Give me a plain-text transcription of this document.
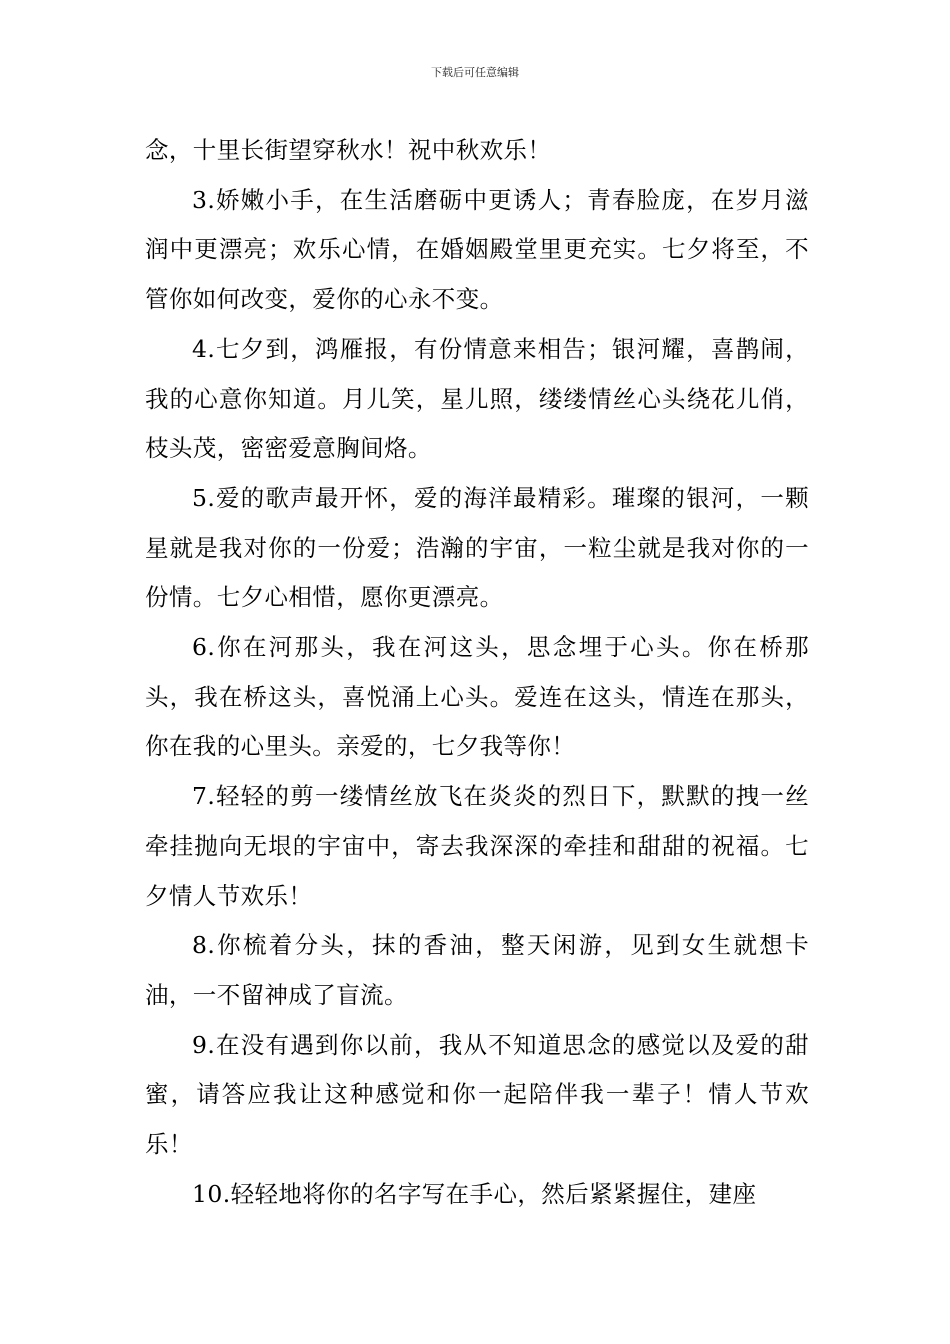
下载后可任意编辑

念，十里长街望穿秋水！祝中秋欢乐！

3.娇嫩小手，在生活磨砺中更诱人；青春脸庞，在岁月滋润中更漂亮；欢乐心情，在婚姻殿堂里更充实。七夕将至，不管你如何改变，爱你的心永不变。

4.七夕到，鸿雁报，有份情意来相告；银河耀，喜鹊闹，我的心意你知道。月儿笑，星儿照，缕缕情丝心头绕花儿俏，枝头茂，密密爱意胸间烙。

5.爱的歌声最开怀，爱的海洋最精彩。璀璨的银河，一颗星就是我对你的一份爱；浩瀚的宇宙，一粒尘就是我对你的一份情。七夕心相惜，愿你更漂亮。

6.你在河那头，我在河这头，思念埋于心头。你在桥那头，我在桥这头，喜悦涌上心头。爱连在这头，情连在那头，你在我的心里头。亲爱的，七夕我等你！

7.轻轻的剪一缕情丝放飞在炎炎的烈日下，默默的拽一丝牵挂抛向无垠的宇宙中，寄去我深深的牵挂和甜甜的祝福。七夕情人节欢乐！

8.你梳着分头，抹的香油，整天闲游，见到女生就想卡油，一不留神成了盲流。

9.在没有遇到你以前，我从不知道思念的感觉以及爱的甜蜜，请答应我让这种感觉和你一起陪伴我一辈子！情人节欢乐！

10.轻轻地将你的名字写在手心，然后紧紧握住，建座
